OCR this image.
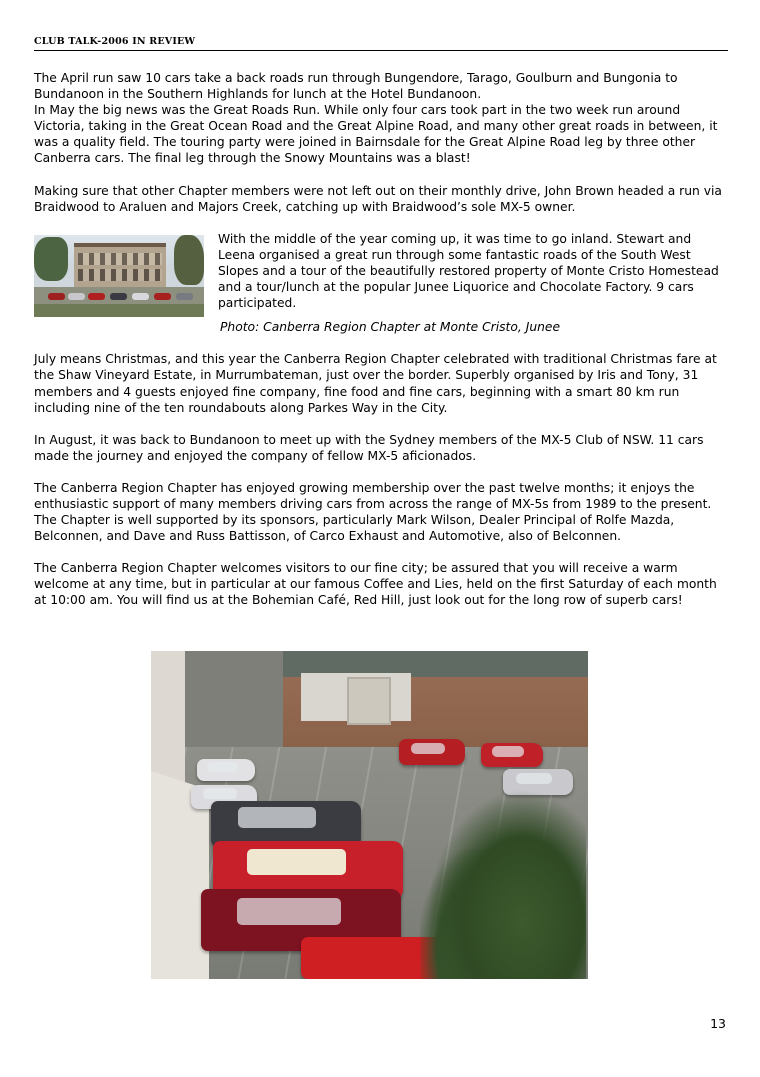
CLUB TALK-2006 IN REVIEW

The April run saw 10 cars take a back roads run through Bungendore, Tarago, Goulburn and Bungonia to Bundanoon in the Southern Highlands for lunch at the Hotel Bundanoon.

In May the big news was the Great Roads Run. While only four cars took part in the two week run around Victoria, taking in the Great Ocean Road and the Great Alpine Road, and many other great roads in between, it was a quality field. The touring party were joined in Bairnsdale for the Great Alpine Road leg by three other Canberra cars. The final leg through the Snowy Mountains was a blast!

Making sure that other Chapter members were not left out on their monthly drive, John Brown headed a run via Braidwood to Araluen and Majors Creek, catching up with Braidwood’s sole MX-5 owner.

With the middle of the year coming up, it was time to go inland. Stewart and Leena organised a great run through some fantastic roads of the South West Slopes and a tour of the beautifully restored property of Monte Cristo Homestead and a tour/lunch at the popular Junee Liquorice and Chocolate Factory. 9 cars participated.

Photo: Canberra Region Chapter at Monte Cristo, Junee

July means Christmas, and this year the Canberra Region Chapter celebrated with traditional Christmas fare at the Shaw Vineyard Estate, in Murrumbateman, just over the border. Superbly organised by Iris and Tony, 31 members and 4 guests enjoyed fine company, fine food and fine cars, beginning with a smart 80 km run including nine of the ten roundabouts along Parkes Way in the City.

In August, it was back to Bundanoon to meet up with the Sydney members of the MX-5 Club of NSW. 11 cars made the journey and enjoyed the company of fellow MX-5 aficionados.

The Canberra Region Chapter has enjoyed growing membership over the past twelve months; it enjoys the enthusiastic support of many members driving cars from across the range of MX-5s from 1989 to the present. The Chapter is well supported by its sponsors, particularly Mark Wilson, Dealer Principal of Rolfe Mazda, Belconnen, and Dave and Russ Battisson, of Carco Exhaust and Automotive, also of Belconnen.

The Canberra Region Chapter welcomes visitors to our fine city; be assured that you will receive a warm welcome at any time, but in particular at our famous Coffee and Lies, held on the first Saturday of each month at 10:00 am. You will find us at the Bohemian Café, Red Hill, just look out for the long row of superb cars!

13
